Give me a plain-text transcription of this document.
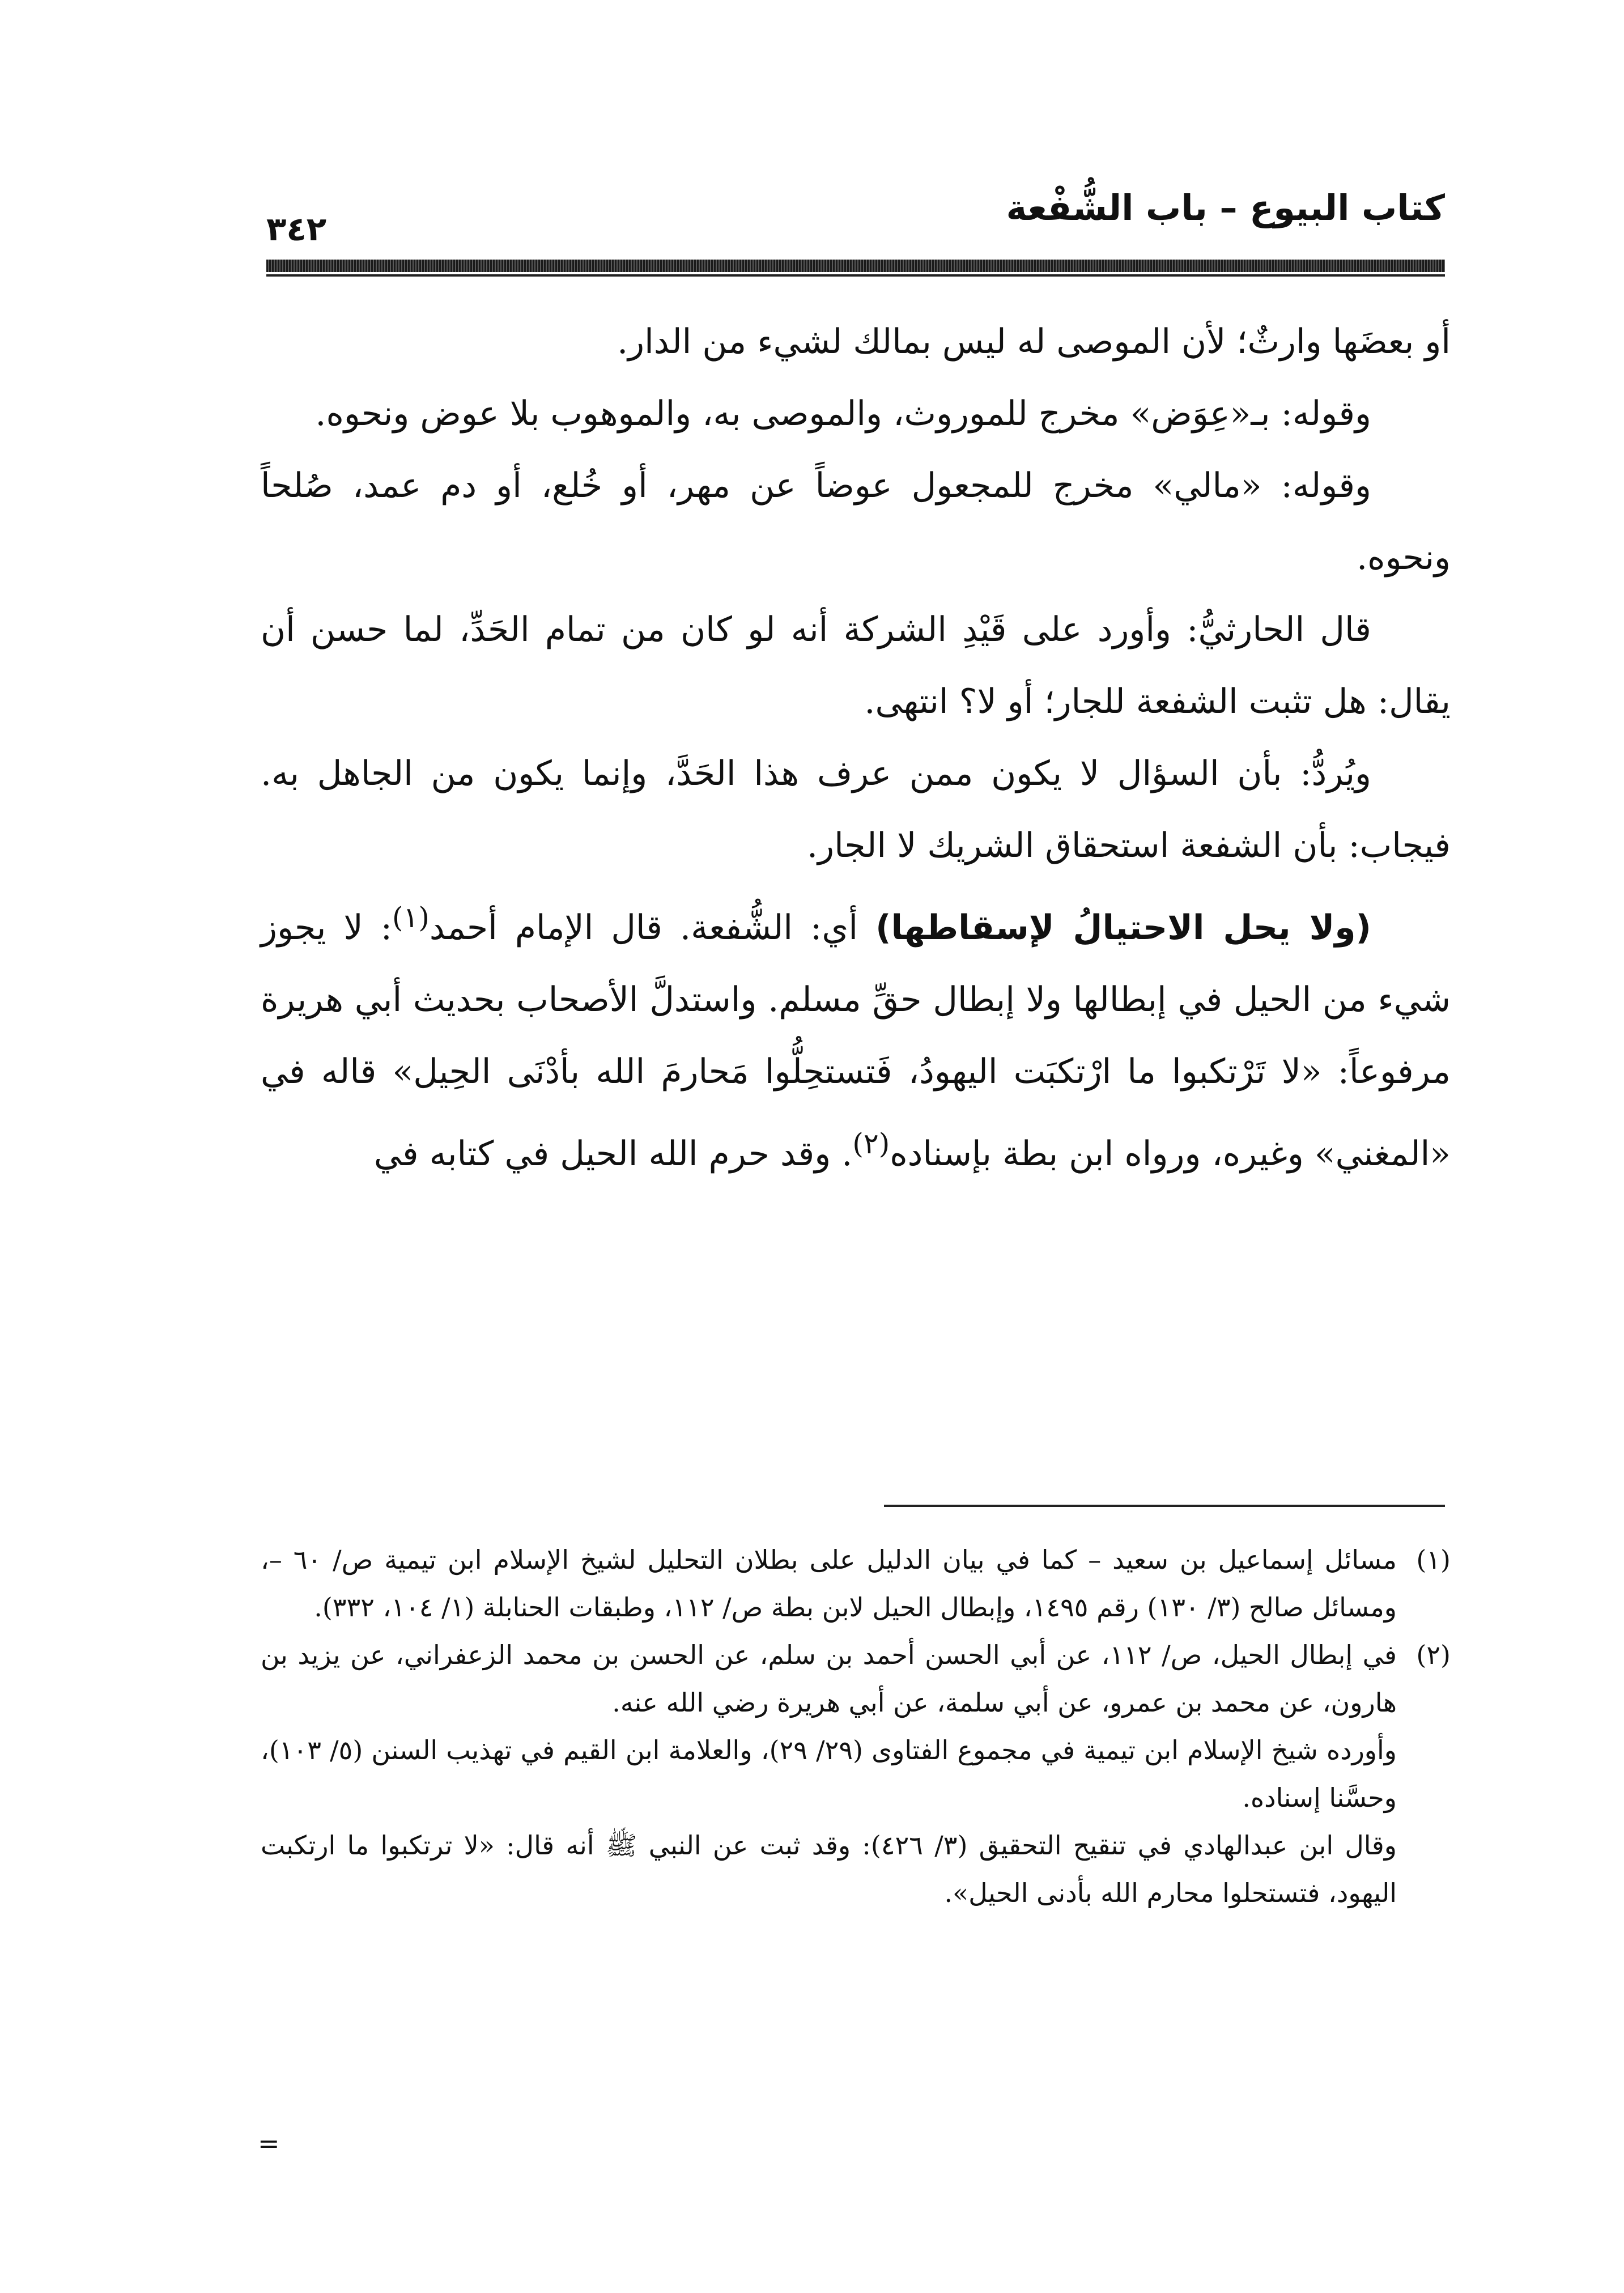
كتاب البيوع – باب الشُّفْعة
٣٤٢

أو بعضَها وارثٌ؛ لأن الموصى له ليس بمالك لشيء من الدار.

وقوله: بـ«عِوَض» مخرج للموروث، والموصى به، والموهوب بلا عوض ونحوه.

وقوله: «مالي» مخرج للمجعول عوضاً عن مهر، أو خُلع، أو دم عمد، صُلحاً ونحوه.

قال الحارثيُّ: وأورد على قَيْدِ الشركة أنه لو كان من تمام الحَدِّ، لما حسن أن يقال: هل تثبت الشفعة للجار؛ أو لا؟ انتهى.

ويُردُّ: بأن السؤال لا يكون ممن عرف هذا الحَدَّ، وإنما يكون من الجاهل به. فيجاب: بأن الشفعة استحقاق الشريك لا الجار.

(ولا يحل الاحتيالُ لإسقاطها) أي: الشُّفعة. قال الإمام أحمد$^{(١)}$: لا يجوز شيء من الحيل في إبطالها ولا إبطال حقِّ مسلم. واستدلَّ الأصحاب بحديث أبي هريرة مرفوعاً: «لا تَرْتكبوا ما ارْتكبَت اليهودُ، فَتستحِلُّوا مَحارمَ الله بأدْنَى الحِيل» قاله في «المغني» وغيره، ورواه ابن بطة بإسناده$^{(٢)}$. وقد حرم الله الحيل في كتابه في

(١)
مسائل إسماعيل بن سعيد – كما في بيان الدليل على بطلان التحليل لشيخ الإسلام ابن تيمية ص/ ٦٠ –، ومسائل صالح (٣/ ١٣٠) رقم ١٤٩٥، وإبطال الحيل لابن بطة ص/ ١١٢، وطبقات الحنابلة (١/ ١٠٤، ٣٣٢).

(٢)
في إبطال الحيل، ص/ ١١٢، عن أبي الحسن أحمد بن سلم، عن الحسن بن محمد الزعفراني، عن يزيد بن هارون، عن محمد بن عمرو، عن أبي سلمة، عن أبي هريرة رضي الله عنه.

وأورده شيخ الإسلام ابن تيمية في مجموع الفتاوى (٢٩/ ٢٩)، والعلامة ابن القيم في تهذيب السنن (٥/ ١٠٣)، وحسَّنا إسناده.

وقال ابن عبدالهادي في تنقيح التحقيق (٣/ ٤٢٦): وقد ثبت عن النبي ﷺ أنه قال: «لا ترتكبوا ما ارتكبت اليهود، فتستحلوا محارم الله بأدنى الحيل».

=
